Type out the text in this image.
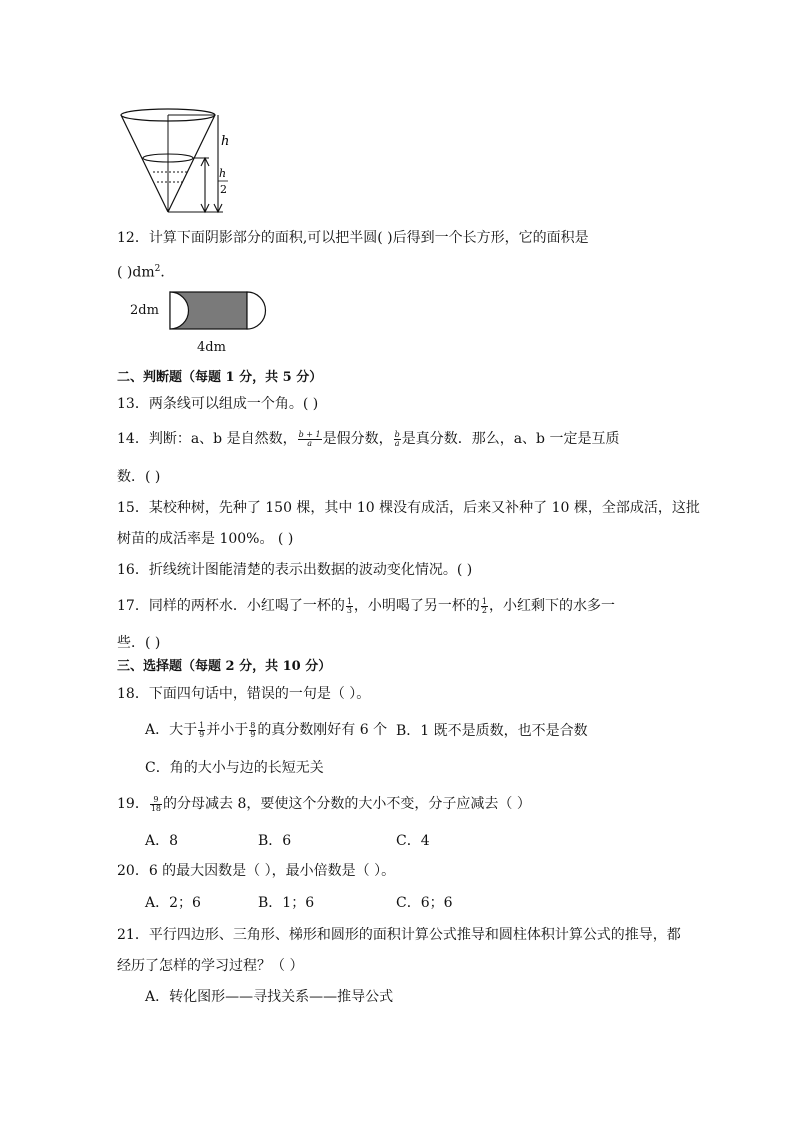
h
h
2
12．计算下面阴影部分的面积,可以把半圆( )后得到一个长方形，它的面积是
( )$dm^2$．
2dm
4dm
二、判断题（每题 1 分，共 5 分）
13．两条线可以组成一个角。( )
14．判断：a、b 是自然数， $\frac{b + 1}{a}$ 是假分数， $\frac{b}{a}$ 是真分数．那么，a、b 一定是互质
数．( )
15．某校种树，先种了 150 棵，其中 10 棵没有成活，后来又补种了 10 棵，全部成活，这批
树苗的成活率是 100%。 ( )
16．折线统计图能清楚的表示出数据的波动变化情况。( )
17．同样的两杯水．小红喝了一杯的 $\frac{1}{3}$ ，小明喝了另一杯的 $\frac{1}{2}$ ，小红剩下的水多一
些．( )
三、选择题（每题 2 分，共 10 分）
18．下面四句话中，错误的一句是（ ）。
A．大于 $\frac{1}{9}$ 并小于 $\frac{8}{9}$ 的真分数刚好有 6 个 B．1 既不是质数，也不是合数
C．角的大小与边的长短无关
19． $\frac{9}{18}$ 的分母减去 8，要使这个分数的大小不变，分子应减去（ ）
A．8	B．6	C．4
20．6 的最大因数是（ ），最小倍数是（ ）。
A．2；6	B．1；6	C．6；6
21．平行四边形、三角形、梯形和圆形的面积计算公式推导和圆柱体积计算公式的推导，都
经历了怎样的学习过程？（ ）
A．转化图形——寻找关系——推导公式
